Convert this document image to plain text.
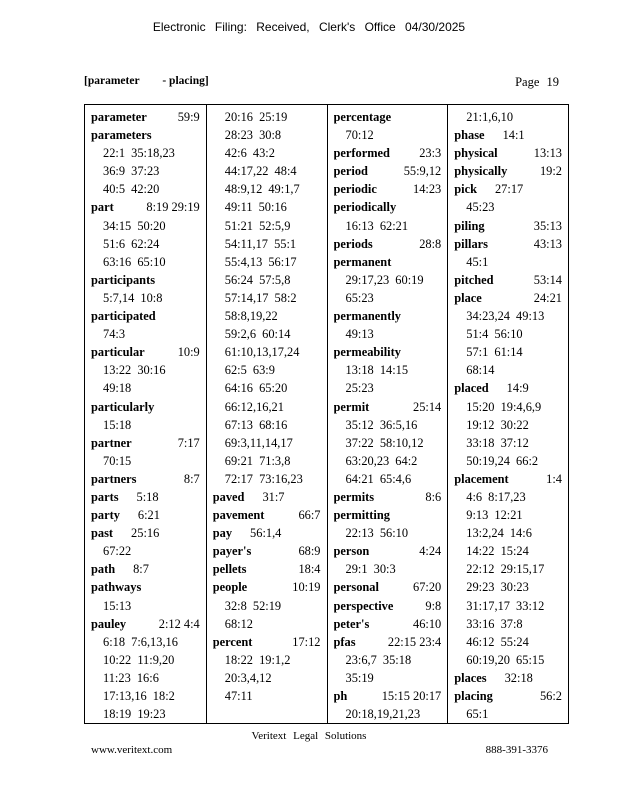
Electronic Filing: Received, Clerk's Office 04/30/2025
[parameter        - placing]	Page 19
parameter 59:9
parameters
22:1 35:18,23
36:9 37:23
40:5 42:20
part	8:19 29:19
34:15 50:20
51:6 62:24
63:16 65:10
participants
5:7,14 10:8
participated
74:3
particular	10:9
13:22 30:16
49:18
particularly
15:18
partner	7:17
70:15
partners	8:7
parts 5:18
party 6:21
past 25:16
67:22
path 8:7
pathways
15:13
pauley	2:12 4:4
6:18 7:6,13,16
10:22 11:9,20
11:23 16:6
17:13,16 18:2
18:19 19:23
20:16 25:19
28:23 30:8
42:6 43:2
44:17,22 48:4
48:9,12 49:1,7
49:11 50:16
51:21 52:5,9
54:11,17 55:1
55:4,13 56:17
56:24 57:5,8
57:14,17 58:2
58:8,19,22
59:2,6 60:14
61:10,13,17,24
62:5 63:9
64:16 65:20
66:12,16,21
67:13 68:16
69:3,11,14,17
69:21 71:3,8
72:17 73:16,23
paved 31:7
pavement	66:7
pay 56:1,4
payer's	68:9
pellets	18:4
people	10:19
32:8 52:19
68:12
percent	17:12
18:22 19:1,2
20:3,4,12
47:11
percentage
70:12
performed 23:3
period	55:9,12
periodic	14:23
periodically
16:13 62:21
periods	28:8
permanent
29:17,23 60:19
65:23
permanently
49:13
permeability
13:18 14:15
25:23
permit	25:14
35:12 36:5,16
37:22 58:10,12
63:20,23 64:2
64:21 65:4,6
permits	8:6
permitting
22:13 56:10
person	4:24
29:1 30:3
personal	67:20
perspective	9:8
peter's	46:10
pfas	22:15 23:4
23:6,7 35:18
35:19
ph	15:15 20:17
20:18,19,21,23
21:1,6,10
phase 14:1
physical	13:13
physically	19:2
pick 27:17
45:23
piling	35:13
pillars	43:13
45:1
pitched	53:14
place	24:21
34:23,24 49:13
51:4 56:10
57:1 61:14
68:14
placed 14:9
15:20 19:4,6,9
19:12 30:22
33:18 37:12
50:19,24 66:2
placement	1:4
4:6 8:17,23
9:13 12:21
13:2,24 14:6
14:22 15:24
22:12 29:15,17
29:23 30:23
31:17,17 33:12
33:16 37:8
46:12 55:24
60:19,20 65:15
places 32:18
placing	56:2
65:1
Veritext Legal Solutions
www.veritext.com	888-391-3376
